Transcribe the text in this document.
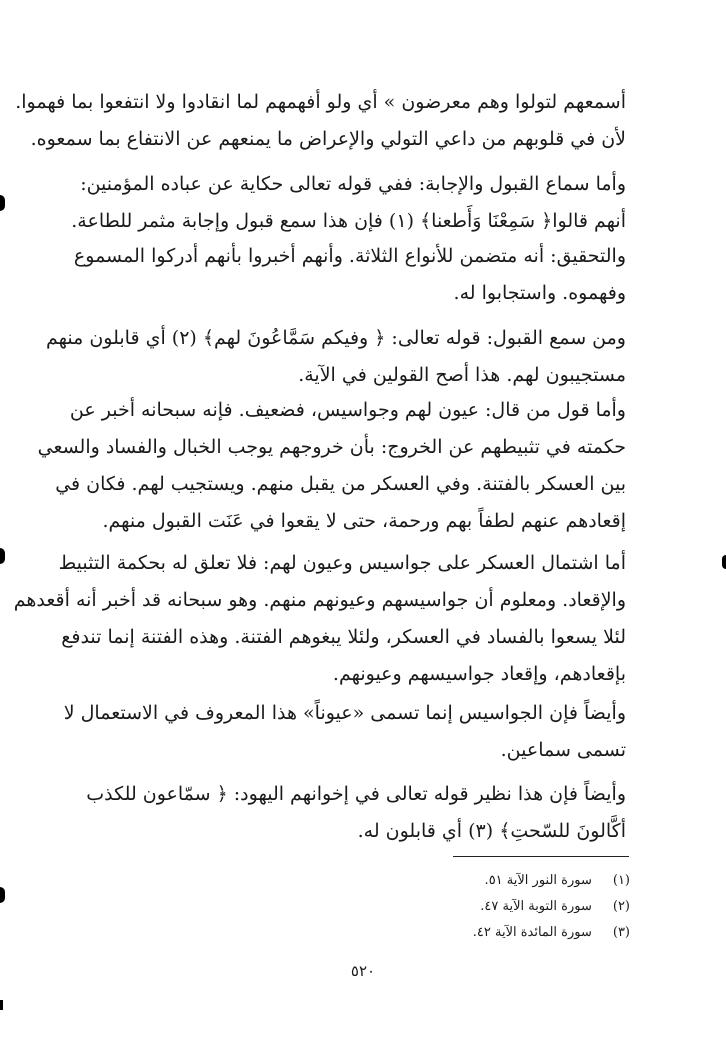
أسمعهم لتولوا وهم معرضون » أي ولو أفهمهم لما انقادوا ولا انتفعوا بما فهموا.
لأن في قلوبهم من داعي التولي والإعراض ما يمنعهم عن الانتفاع بما سمعوه.
وأما سماع القبول والإجابة: ففي قوله تعالى حكاية عن عباده المؤمنين:
أنهم قالوا﴿ سَمِعْنَا وَأَطعنا﴾ (١) فإن هذا سمع قبول وإجابة مثمر للطاعة.
والتحقيق: أنه متضمن للأنواع الثلاثة. وأنهم أخبروا بأنهم أدركوا المسموع
وفهموه. واستجابوا له.
ومن سمع القبول: قوله تعالى: ﴿ وفيكم سَمَّاعُونَ لهم﴾ (٢) أي قابلون منهم
مستجيبون لهم. هذا أصح القولين في الآية.
وأما قول من قال: عيون لهم وجواسيس، فضعيف. فإنه سبحانه أخبر عن
حكمته في تثبيطهم عن الخروج: بأن خروجهم يوجب الخبال والفساد والسعي
بين العسكر بالفتنة. وفي العسكر من يقبل منهم. ويستجيب لهم. فكان في
إقعادهم عنهم لطفاً بهم ورحمة، حتى لا يقعوا في عَنَت القبول منهم.
أما اشتمال العسكر على جواسيس وعيون لهم: فلا تعلق له بحكمة التثبيط
والإقعاد. ومعلوم أن جواسيسهم وعيونهم منهم. وهو سبحانه قد أخبر أنه أقعدهم
لئلا يسعوا بالفساد في العسكر، ولئلا يبغوهم الفتنة. وهذه الفتنة إنما تندفع
بإقعادهم، وإقعاد جواسيسهم وعيونهم.
وأيضاً فإن الجواسيس إنما تسمى «عيوناً» هذا المعروف في الاستعمال لا
تسمى سماعين.
وأيضاً فإن هذا نظير قوله تعالى في إخوانهم اليهود: ﴿ سمّاعون للكذب
أكَّالونَ للسّحتِ﴾ (٣) أي قابلون له.
(١) سورة النور الآية ٥١.
(٢) سورة التوبة الآية ٤٧.
(٣) سورة المائدة الآية ٤٢.
٥٢٠
